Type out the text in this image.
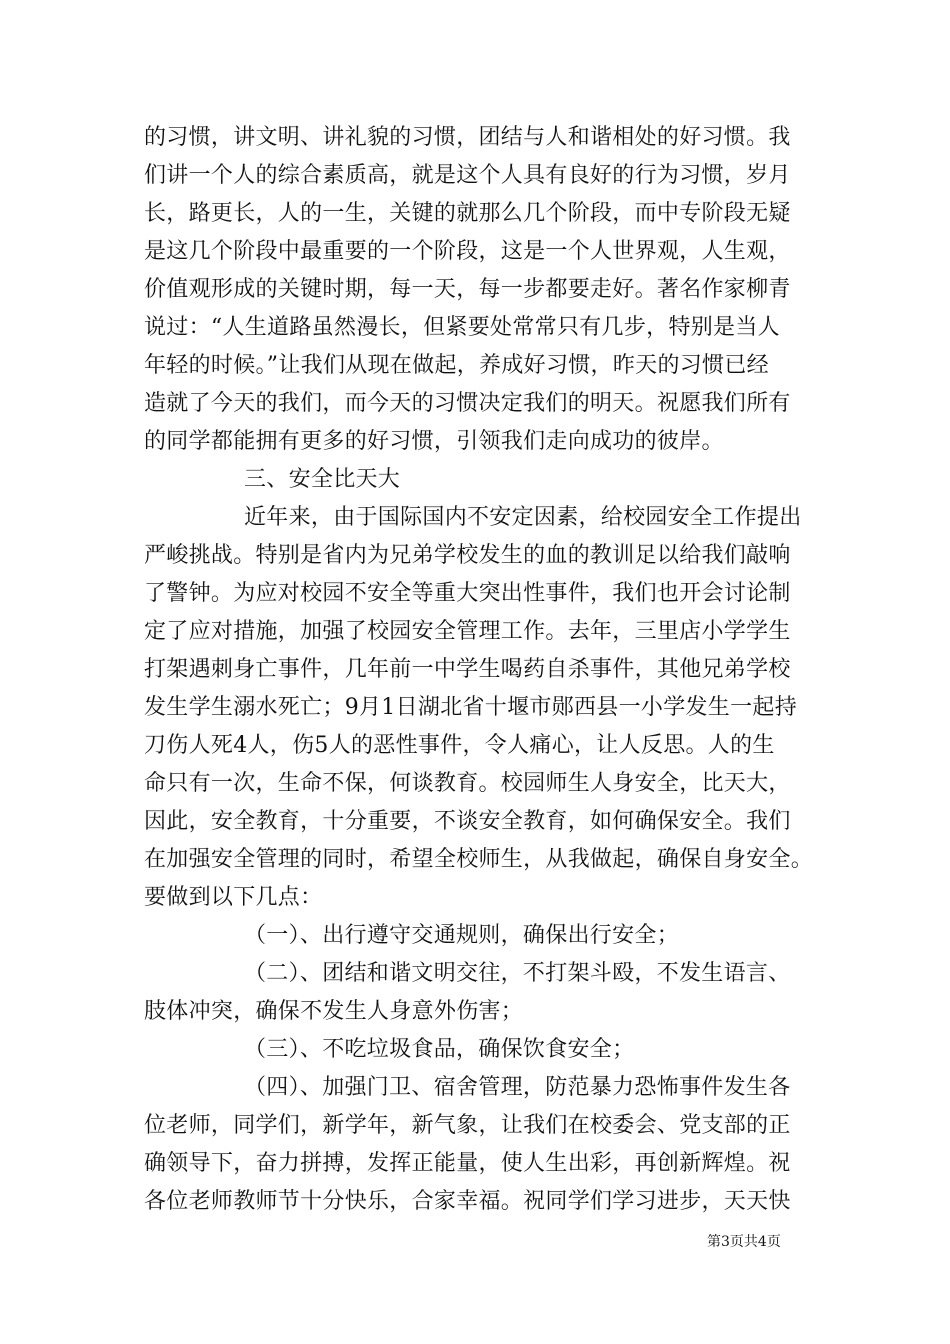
的习惯，讲文明、讲礼貌的习惯，团结与人和谐相处的好习惯。我
们讲一个人的综合素质高，就是这个人具有良好的行为习惯，岁月
长，路更长，人的一生，关键的就那么几个阶段，而中专阶段无疑
是这几个阶段中最重要的一个阶段，这是一个人世界观，人生观，
价值观形成的关键时期，每一天，每一步都要走好。著名作家柳青
说过：“人生道路虽然漫长，但紧要处常常只有几步，特别是当人
年轻的时候。”让我们从现在做起，养成好习惯，昨天的习惯已经
造就了今天的我们，而今天的习惯决定我们的明天。祝愿我们所有
的同学都能拥有更多的好习惯，引领我们走向成功的彼岸。
三、安全比天大
近年来，由于国际国内不安定因素，给校园安全工作提出
严峻挑战。特别是省内为兄弟学校发生的血的教训足以给我们敲响
了警钟。为应对校园不安全等重大突出性事件，我们也开会讨论制
定了应对措施，加强了校园安全管理工作。去年，三里店小学学生
打架遇刺身亡事件，几年前一中学生喝药自杀事件，其他兄弟学校
发生学生溺水死亡；9月1日湖北省十堰市郧西县一小学发生一起持
刀伤人死4人，伤5人的恶性事件，令人痛心，让人反思。人的生
命只有一次，生命不保，何谈教育。校园师生人身安全，比天大，
因此，安全教育，十分重要，不谈安全教育，如何确保安全。我们
在加强安全管理的同时，希望全校师生，从我做起，确保自身安全。
要做到以下几点：
（一）、出行遵守交通规则，确保出行安全；
（二）、团结和谐文明交往，不打架斗殴，不发生语言、
肢体冲突，确保不发生人身意外伤害；
（三）、不吃垃圾食品，确保饮食安全；
（四）、加强门卫、宿舍管理，防范暴力恐怖事件发生各
位老师，同学们，新学年，新气象，让我们在校委会、党支部的正
确领导下，奋力拼搏，发挥正能量，使人生出彩，再创新辉煌。祝
各位老师教师节十分快乐，合家幸福。祝同学们学习进步，天天快
第3页共4页
